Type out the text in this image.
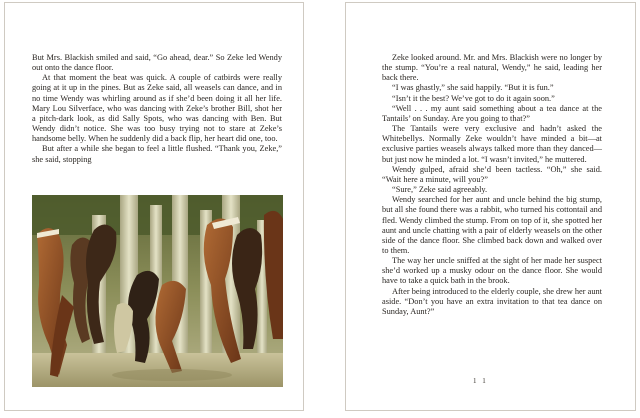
But Mrs. Blackish smiled and said, “Go ahead, dear.” So Zeke led Wendy out onto the dance floor.

At that moment the beat was quick. A couple of catbirds were really going at it up in the pines. But as Zeke said, all weasels can dance, and in no time Wendy was whirling around as if she’d been doing it all her life. Mary Lou Silverface, who was dancing with Zeke’s brother Bill, shot her a pitch-dark look, as did Sally Spots, who was dancing with Ben. But Wendy didn’t notice. She was too busy trying not to stare at Zeke’s handsome belly. When he suddenly did a back flip, her heart did one, too.

But after a while she began to feel a little flushed. “Thank you, Zeke,” she said, stopping

Zeke looked around. Mr. and Mrs. Blackish were no longer by the stump. “You’re a real natural, Wendy,” he said, leading her back there.

“I was ghastly,” she said happily. “But it is fun.”

“Isn’t it the best? We’ve got to do it again soon.”

“Well . . . my aunt said something about a tea dance at the Tantails’ on Sunday. Are you going to that?”

The Tantails were very exclusive and hadn’t asked the Whitebellys. Normally Zeke wouldn’t have minded a bit—at exclusive parties weasels always talked more than they danced—but just now he minded a lot. “I wasn’t invited,” he muttered.

Wendy gulped, afraid she’d been tactless. “Oh,” she said. “Wait here a minute, will you?”

“Sure,” Zeke said agreeably.

Wendy searched for her aunt and uncle behind the big stump, but all she found there was a rabbit, who turned his cottontail and fled. Wendy climbed the stump. From on top of it, she spotted her aunt and uncle chatting with a pair of elderly weasels on the other side of the dance floor. She climbed back down and walked over to them.

The way her uncle sniffed at the sight of her made her suspect she’d worked up a musky odour on the dance floor. She would have to take a quick bath in the brook.

After being introduced to the elderly couple, she drew her aunt aside. “Don’t you have an extra invitation to that tea dance on Sunday, Aunt?”

1 1
